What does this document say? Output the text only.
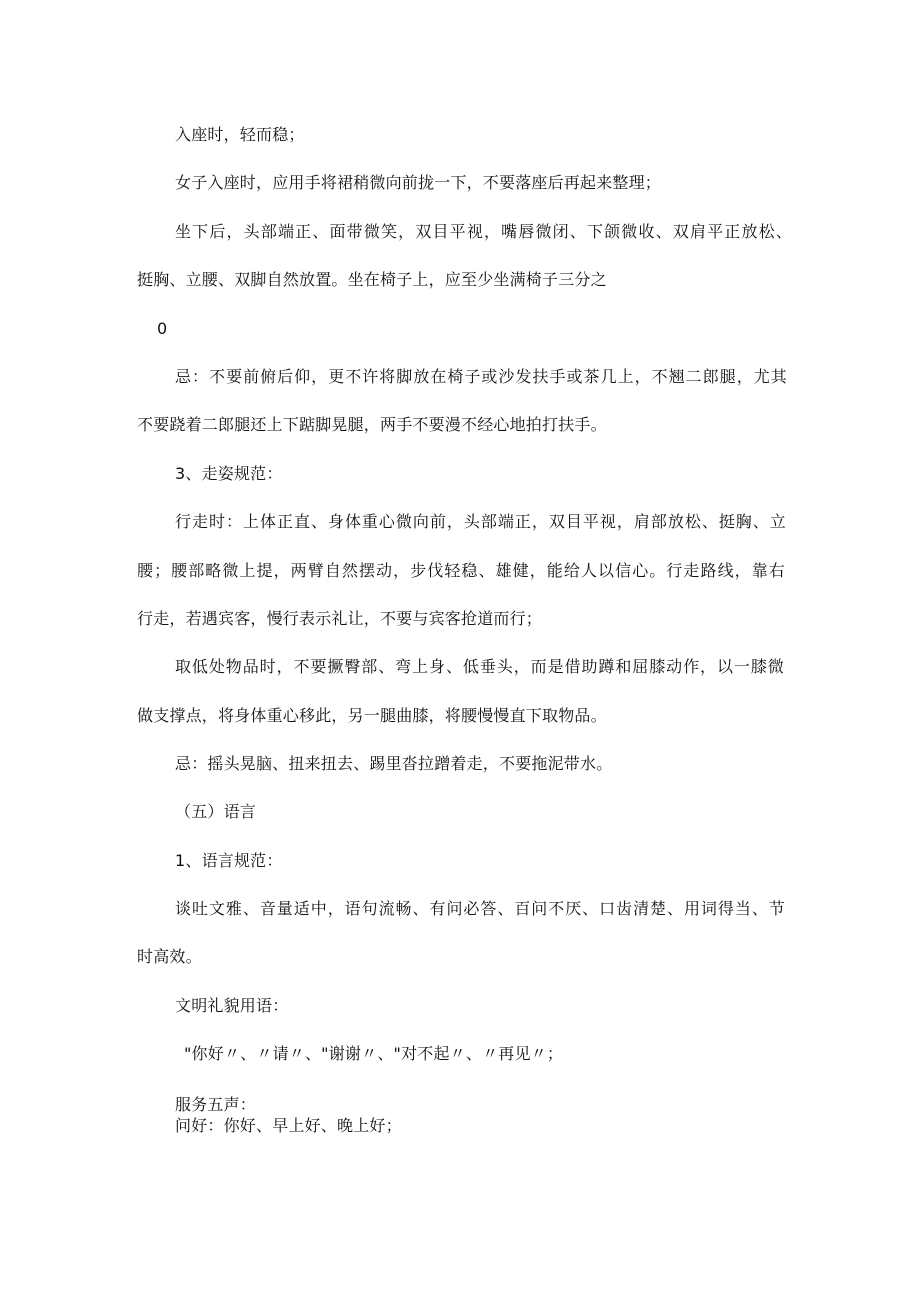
入座时，轻而稳；
女子入座时，应用手将裙稍微向前拢一下，不要落座后再起来整理；
坐下后，头部端正、面带微笑，双目平视，嘴唇微闭、下颌微收、双肩平正放松、
挺胸、立腰、双脚自然放置。坐在椅子上，应至少坐满椅子三分之
0
忌：不要前俯后仰，更不许将脚放在椅子或沙发扶手或茶几上，不翘二郎腿，尤其
不要跷着二郎腿还上下踮脚晃腿，两手不要漫不经心地拍打扶手。
3、走姿规范：
行走时：上体正直、身体重心微向前，头部端正，双目平视，肩部放松、挺胸、立
腰；腰部略微上提，两臂自然摆动，步伐轻稳、雄健，能给人以信心。行走路线，靠右
行走，若遇宾客，慢行表示礼让，不要与宾客抢道而行；
取低处物品时，不要撅臀部、弯上身、低垂头，而是借助蹲和屈膝动作，以一膝微
做支撑点，将身体重心移此，另一腿曲膝，将腰慢慢直下取物品。
忌：摇头晃脑、扭来扭去、踢里沓拉蹭着走，不要拖泥带水。
（五）语言
1、语言规范：
谈吐文雅、音量适中，语句流畅、有问必答、百问不厌、口齿清楚、用词得当、节
时高效。
文明礼貌用语：
"你好〃、〃请〃、"谢谢〃、"对不起〃、〃再见〃；
服务五声：
问好：你好、早上好、晚上好；
